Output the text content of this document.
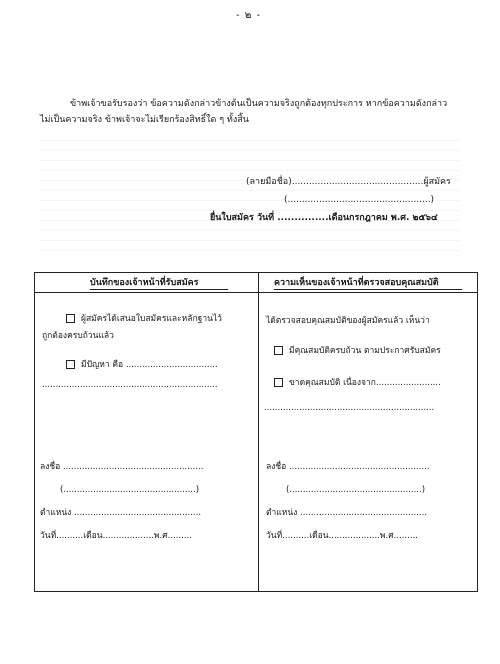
- ๒ -
ข้าพเจ้าขอรับรองว่า ข้อความดังกล่าวข้างต้นเป็นความจริงถูกต้องทุกประการ หากข้อความดังกล่าว
ไม่เป็นความจริง ข้าพเจ้าจะไม่เรียกร้องสิทธิ์ใด ๆ ทั้งสิ้น
(ลายมือชื่อ)..............................................ผู้สมัคร
(..................................................)
ยื่นใบสมัคร วันที่ ...............เดือนกรกฎาคม พ.ศ. ๒๕๖๔
บันทึกของเจ้าหน้าที่รับสมัคร	ความเห็นของเจ้าหน้าที่ตรวจสอบคุณสมบัติ
ผู้สมัครได้เสนอใบสมัครและหลักฐานไว้
ถูกต้องครบถ้วนแล้ว
มีปัญหา คือ ..................................
.................................................................
ลงชื่อ ....................................................
(.................................................)
ตำแหน่ง ...............................................
วันที่..........เดือน...................พ.ศ.........
ได้ตรวจสอบคุณสมบัติของผู้สมัครแล้ว เห็นว่า
มีคุณสมบัติครบถ้วน ตามประกาศรับสมัคร
ขาดคุณสมบัติ เนื่องจาก........................
...............................................................
ลงชื่อ ....................................................
(.................................................)
ตำแหน่ง ...............................................
วันที่..........เดือน...................พ.ศ.........
